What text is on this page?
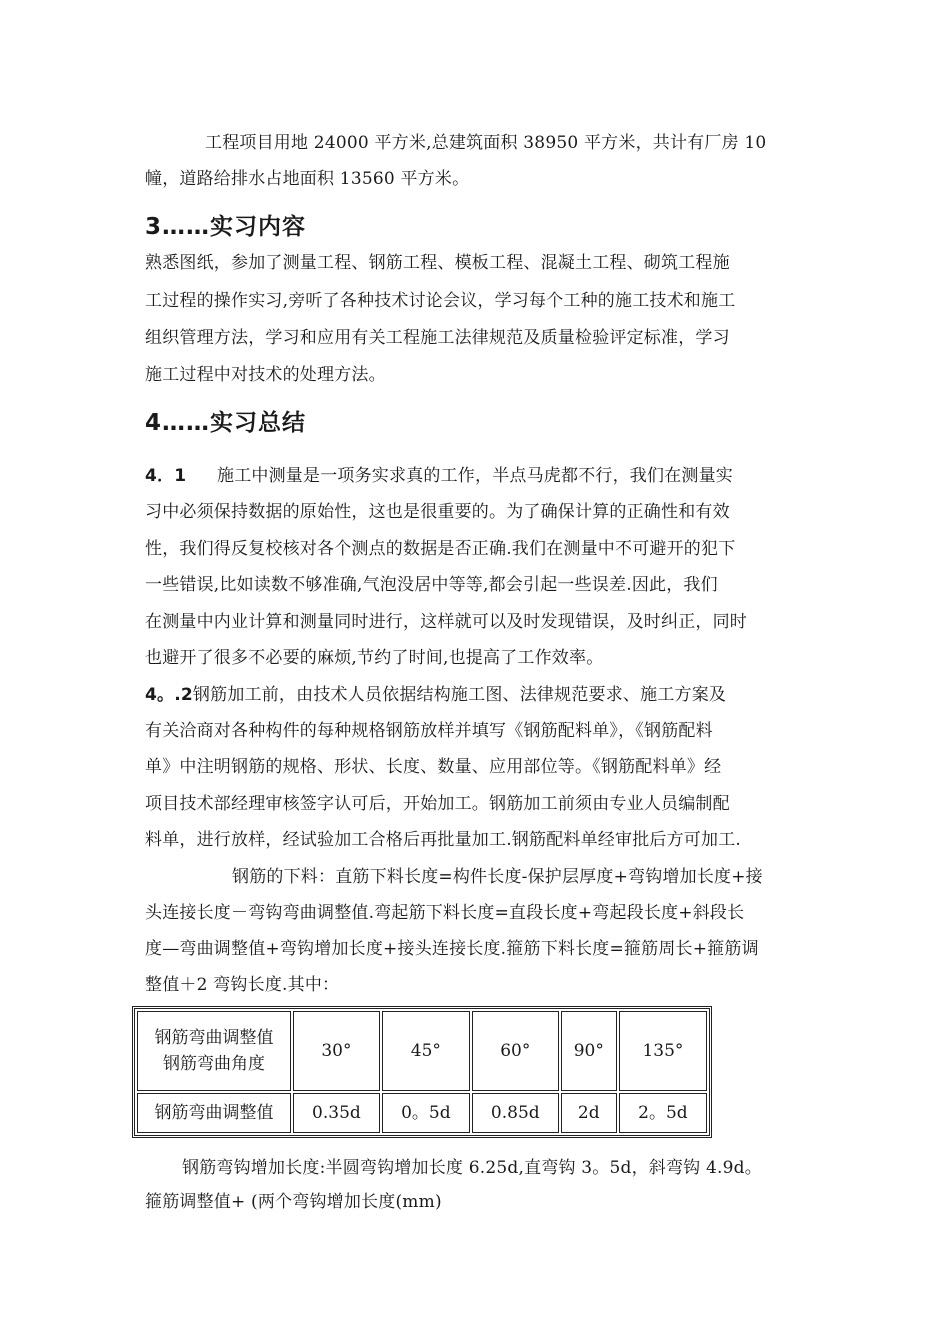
工程项目用地 24000 平方米,总建筑面积 38950 平方米，共计有厂房 10
幢，道路给排水占地面积 13560 平方米。
3……实习内容
熟悉图纸，参加了测量工程、钢筋工程、模板工程、混凝土工程、砌筑工程施
工过程的操作实习,旁听了各种技术讨论会议，学习每个工种的施工技术和施工
组织管理方法，学习和应用有关工程施工法律规范及质量检验评定标准，学习
施工过程中对技术的处理方法。
4……实习总结
4．1 施工中测量是一项务实求真的工作，半点马虎都不行，我们在测量实
习中必须保持数据的原始性，这也是很重要的。为了确保计算的正确性和有效
性，我们得反复校核对各个测点的数据是否正确.我们在测量中不可避开的犯下
一些错误,比如读数不够准确,气泡没居中等等,都会引起一些误差.因此，我们
在测量中内业计算和测量同时进行，这样就可以及时发现错误，及时纠正，同时
也避开了很多不必要的麻烦,节约了时间,也提高了工作效率。
4。.2钢筋加工前，由技术人员依据结构施工图、法律规范要求、施工方案及
有关洽商对各种构件的每种规格钢筋放样并填写《钢筋配料单》，《钢筋配料
单》中注明钢筋的规格、形状、长度、数量、应用部位等。《钢筋配料单》经
项目技术部经理审核签字认可后，开始加工。钢筋加工前须由专业人员编制配
料单，进行放样，经试验加工合格后再批量加工.钢筋配料单经审批后方可加工.
钢筋的下料：直筋下料长度=构件长度-保护层厚度+弯钩增加长度+接
头连接长度－弯钩弯曲调整值.弯起筋下料长度=直段长度+弯起段长度+斜段长
度—弯曲调整值+弯钩增加长度+接头连接长度.箍筋下料长度=箍筋周长+箍筋调
整值＋2 弯钩长度.其中：
钢筋弯曲调整值
钢筋弯曲角度	30°	45°	60°	90°	135°
钢筋弯曲调整值	0.35d	0。5d	0.85d	2d	2。5d
钢筋弯钩增加长度:半圆弯钩增加长度 6.25d,直弯钩 3。5d，斜弯钩 4.9d。
箍筋调整值+ (两个弯钩增加长度(mm)
